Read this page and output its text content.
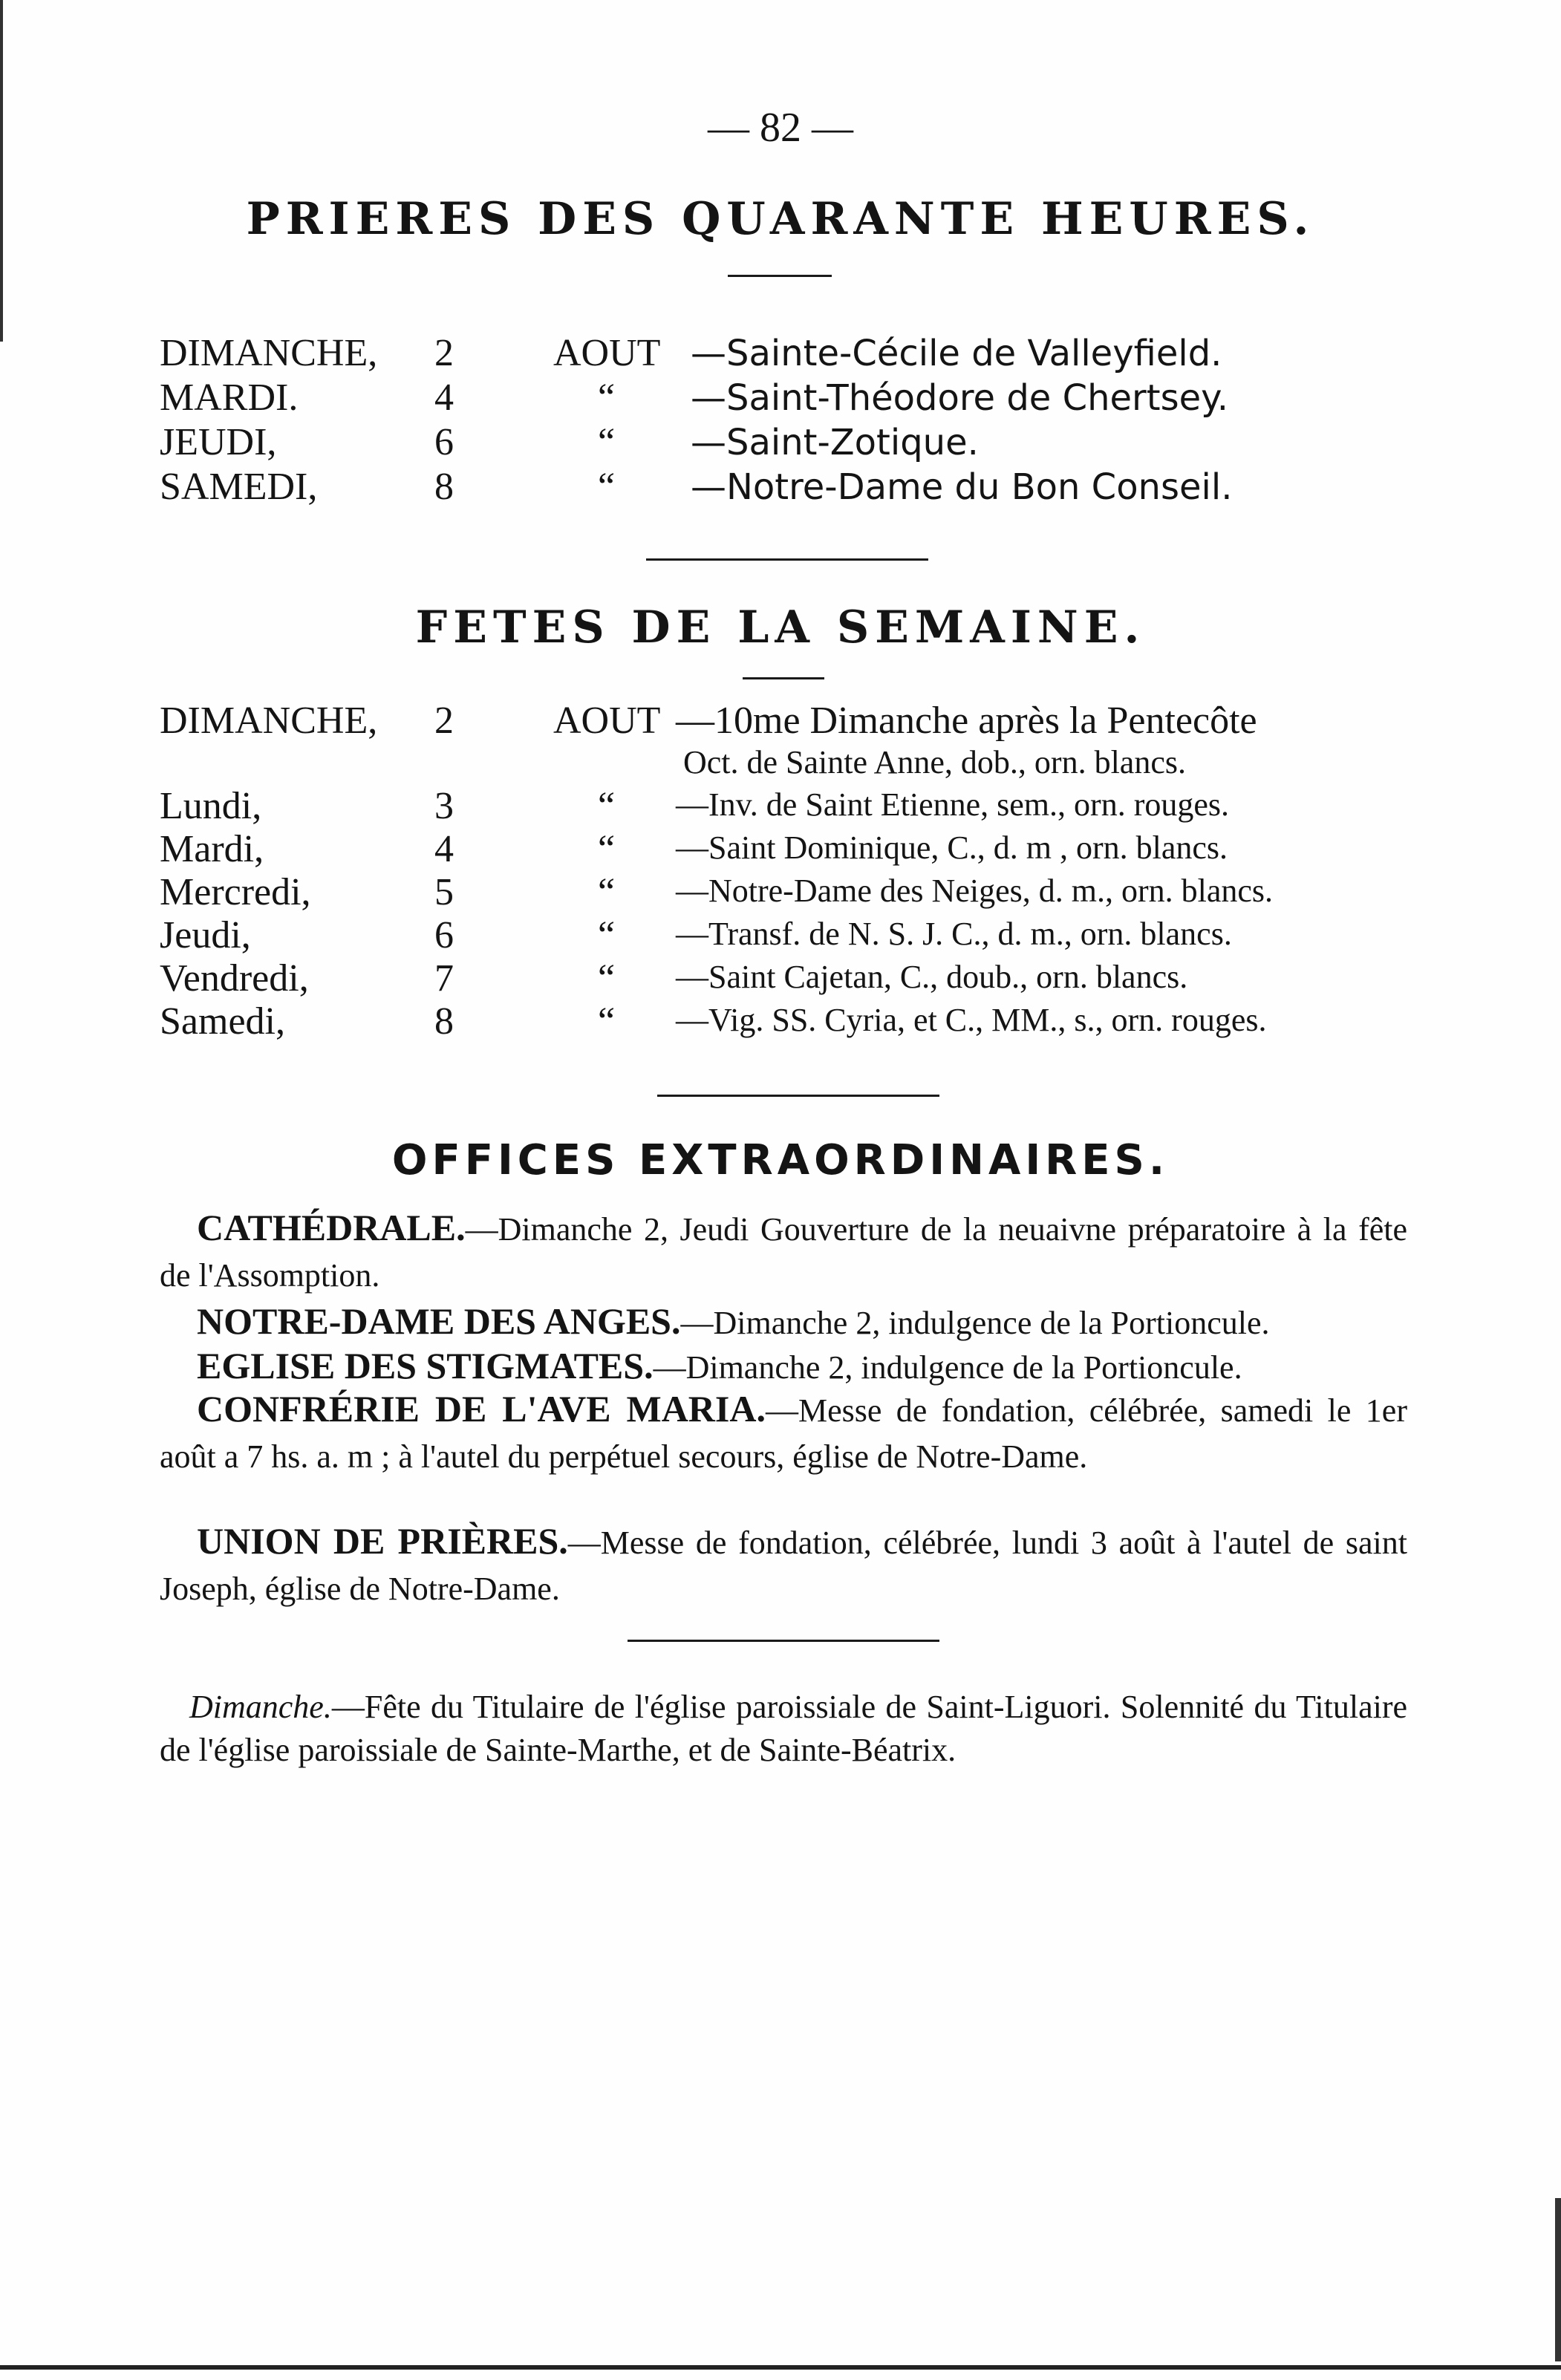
— 82 —
PRIERES DES QUARANTE HEURES.
DIMANCHE, 2	AOUT —Sainte-Cécile de Valleyfield.
MARDI.	4	“ —Saint-Théodore de Chertsey.
JEUDI,	6	“ —Saint-Zotique.
SAMEDI,	8	“ —Notre-Dame du Bon Conseil.
FETES DE LA SEMAINE.
DIMANCHE, 2	AOUT —10me Dimanche après la Pentecôte
Oct. de Sainte Anne, dob., orn. blancs.
Lundi,	3	“ —Inv. de Saint Etienne, sem., orn. rouges.
Mardi,	4	“ —Saint Dominique, C., d. m , orn. blancs.
Mercredi,	5	“ —Notre-Dame des Neiges, d. m., orn. blancs.
Jeudi,	6	“ —Transf. de N. S. J. C., d. m., orn. blancs.
Vendredi,	7	“ —Saint Cajetan, C., doub., orn. blancs.
Samedi,	8	“ —Vig. SS. Cyria, et C., MM., s., orn. rouges.
OFFICES EXTRAORDINAIRES.
CATHÉDRALE.—Dimanche 2, Jeudi Gouverture de la neuaivne préparatoire à la fête de l'Assomption.
NOTRE-DAME DES ANGES.—Dimanche 2, indulgence de la Portioncule.
EGLISE DES STIGMATES.—Dimanche 2, indulgence de la Portioncule.
CONFRÉRIE DE L'AVE MARIA.—Messe de fondation, célébrée, samedi le 1er août a 7 hs. a. m ; à l'autel du perpétuel secours, église de Notre-Dame.
UNION DE PRIÈRES.—Messe de fondation, célébrée, lundi 3 août à l'autel de saint Joseph, église de Notre-Dame.
Dimanche.—Fête du Titulaire de l'église paroissiale de Saint-Liguori. Solennité du Titulaire de l'église paroissiale de Sainte-Marthe, et de Sainte-Béatrix.
